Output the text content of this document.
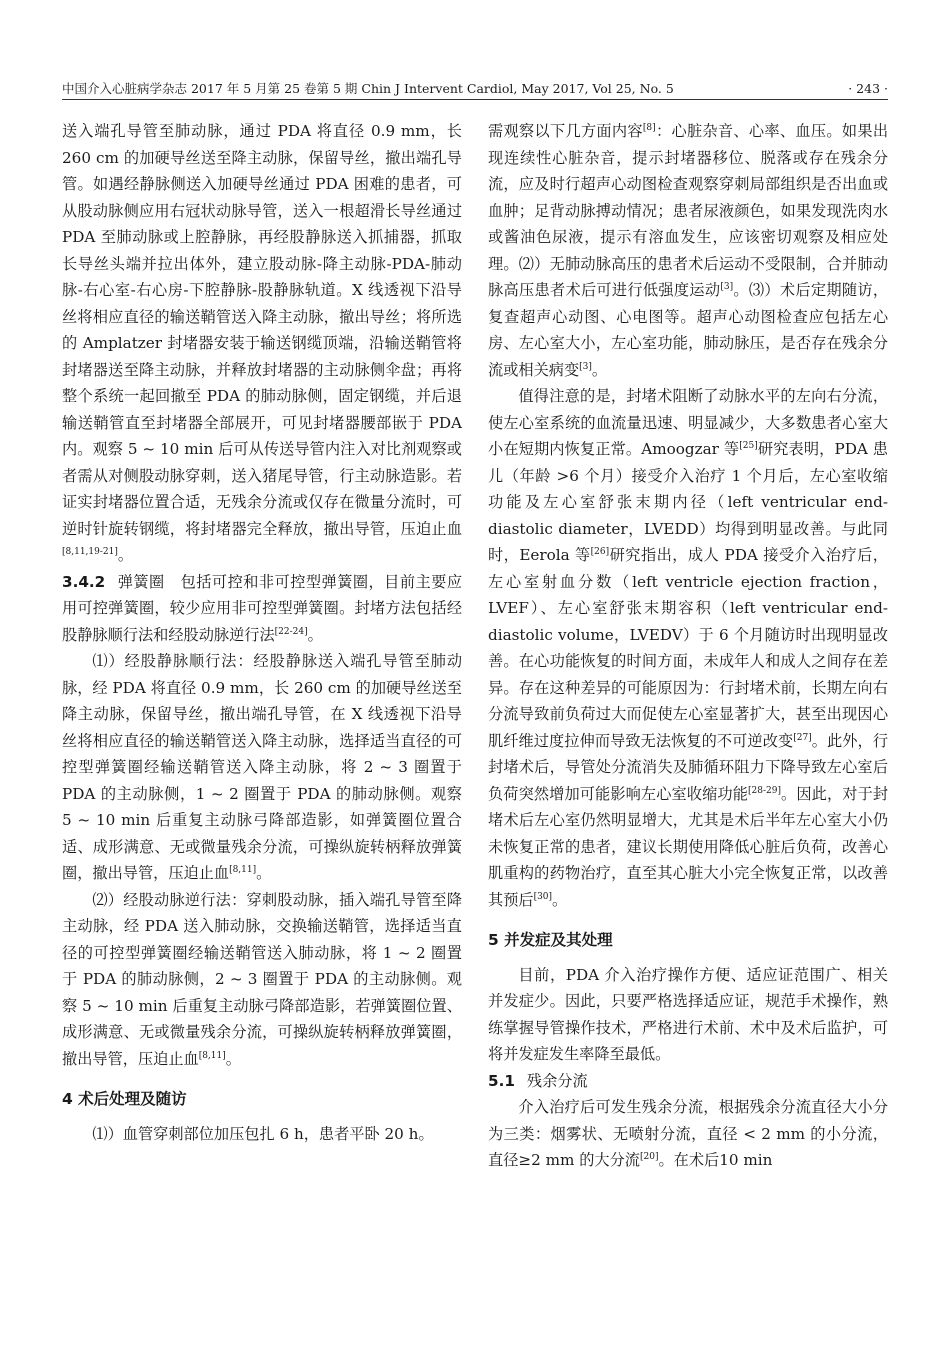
中国介入心脏病学杂志 2017 年 5 月第 25 卷第 5 期 Chin J Intervent Cardiol, May 2017, Vol 25, No. 5	· 243 ·

送入端孔导管至肺动脉，通过 PDA 将直径 0.9 mm，长 260 cm 的加硬导丝送至降主动脉，保留导丝，撤出端孔导管。如遇经静脉侧送入加硬导丝通过 PDA 困难的患者，可从股动脉侧应用右冠状动脉导管，送入一根超滑长导丝通过 PDA 至肺动脉或上腔静脉，再经股静脉送入抓捕器，抓取长导丝头端并拉出体外，建立股动脉-降主动脉-PDA-肺动脉-右心室-右心房-下腔静脉-股静脉轨道。X 线透视下沿导丝将相应直径的输送鞘管送入降主动脉，撤出导丝；将所选的 Amplatzer 封堵器安装于输送钢缆顶端，沿输送鞘管将封堵器送至降主动脉，并释放封堵器的主动脉侧伞盘；再将整个系统一起回撤至 PDA 的肺动脉侧，固定钢缆，并后退输送鞘管直至封堵器全部展开，可见封堵器腰部嵌于 PDA 内。观察 5 ~ 10 min 后可从传送导管内注入对比剂观察或者需从对侧股动脉穿刺，送入猪尾导管，行主动脉造影。若证实封堵器位置合适，无残余分流或仅存在微量分流时，可逆时针旋转钢缆，将封堵器完全释放，撤出导管，压迫止血[8,11,19-21]。

3.4.2 弹簧圈 包括可控和非可控型弹簧圈，目前主要应用可控弹簧圈，较少应用非可控型弹簧圈。封堵方法包括经股静脉顺行法和经股动脉逆行法[22-24]。

⑴）经股静脉顺行法：经股静脉送入端孔导管至肺动脉，经 PDA 将直径 0.9 mm，长 260 cm 的加硬导丝送至降主动脉，保留导丝，撤出端孔导管，在 X 线透视下沿导丝将相应直径的输送鞘管送入降主动脉，选择适当直径的可控型弹簧圈经输送鞘管送入降主动脉，将 2 ~ 3 圈置于 PDA 的主动脉侧，1 ~ 2 圈置于 PDA 的肺动脉侧。观察 5 ~ 10 min 后重复主动脉弓降部造影，如弹簧圈位置合适、成形满意、无或微量残余分流，可操纵旋转柄释放弹簧圈，撤出导管，压迫止血[8,11]。

⑵）经股动脉逆行法：穿刺股动脉，插入端孔导管至降主动脉，经 PDA 送入肺动脉，交换输送鞘管，选择适当直径的可控型弹簧圈经输送鞘管送入肺动脉，将 1 ~ 2 圈置于 PDA 的肺动脉侧，2 ~ 3 圈置于 PDA 的主动脉侧。观察 5 ~ 10 min 后重复主动脉弓降部造影，若弹簧圈位置、成形满意、无或微量残余分流，可操纵旋转柄释放弹簧圈，撤出导管，压迫止血[8,11]。

4 术后处理及随访

⑴）血管穿刺部位加压包扎 6 h，患者平卧 20 h。

需观察以下几方面内容[8]：心脏杂音、心率、血压。如果出现连续性心脏杂音，提示封堵器移位、脱落或存在残余分流，应及时行超声心动图检查观察穿刺局部组织是否出血或血肿；足背动脉搏动情况；患者尿液颜色，如果发现洗肉水或酱油色尿液，提示有溶血发生，应该密切观察及相应处理。⑵）无肺动脉高压的患者术后运动不受限制，合并肺动脉高压患者术后可进行低强度运动[3]。⑶）术后定期随访，复查超声心动图、心电图等。超声心动图检查应包括左心房、左心室大小，左心室功能，肺动脉压，是否存在残余分流或相关病变[3]。

值得注意的是，封堵术阻断了动脉水平的左向右分流，使左心室系统的血流量迅速、明显减少，大多数患者心室大小在短期内恢复正常。Amoogzar 等[25]研究表明，PDA 患儿（年龄 >6 个月）接受介入治疗 1 个月后，左心室收缩功能及左心室舒张末期内径（left ventricular end-diastolic diameter，LVEDD）均得到明显改善。与此同时，Eerola 等[26]研究指出，成人 PDA 接受介入治疗后，左心室射血分数（left ventricle ejection fraction，LVEF）、左心室舒张末期容积（left ventricular end-diastolic volume，LVEDV）于 6 个月随访时出现明显改善。在心功能恢复的时间方面，未成年人和成人之间存在差异。存在这种差异的可能原因为：行封堵术前，长期左向右分流导致前负荷过大而促使左心室显著扩大，甚至出现因心肌纤维过度拉伸而导致无法恢复的不可逆改变[27]。此外，行封堵术后，导管处分流消失及肺循环阻力下降导致左心室后负荷突然增加可能影响左心室收缩功能[28-29]。因此，对于封堵术后左心室仍然明显增大，尤其是术后半年左心室大小仍未恢复正常的患者，建议长期使用降低心脏后负荷，改善心肌重构的药物治疗，直至其心脏大小完全恢复正常，以改善其预后[30]。

5 并发症及其处理

目前，PDA 介入治疗操作方便、适应证范围广、相关并发症少。因此，只要严格选择适应证，规范手术操作，熟练掌握导管操作技术，严格进行术前、术中及术后监护，可将并发症发生率降至最低。

5.1 残余分流

介入治疗后可发生残余分流，根据残余分流直径大小分为三类：烟雾状、无喷射分流，直径 < 2 mm 的小分流，直径≥2 mm 的大分流[20]。在术后10 min
